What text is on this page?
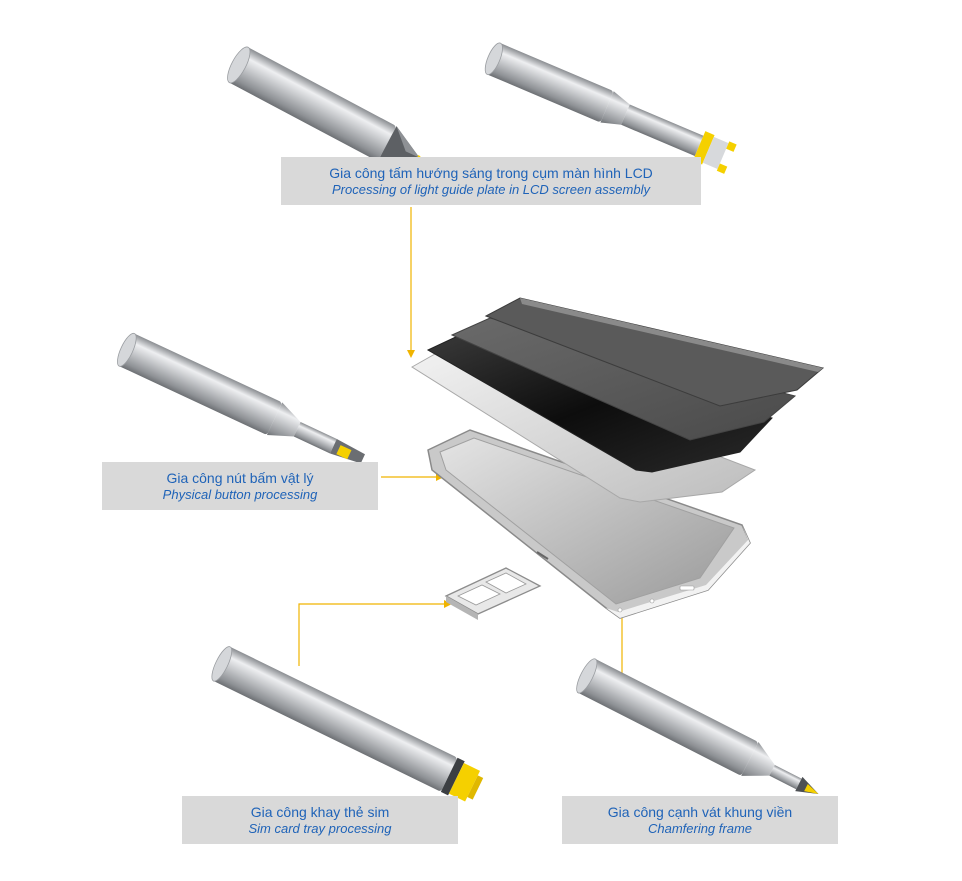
Gia công tấm hướng sáng trong cụm màn hình LCD
Processing of light guide plate in LCD screen assembly
Gia công nút bấm vật lý
Physical button processing
Gia công khay thẻ sim
Sim card tray processing
Gia công cạnh vát khung viền
Chamfering frame
